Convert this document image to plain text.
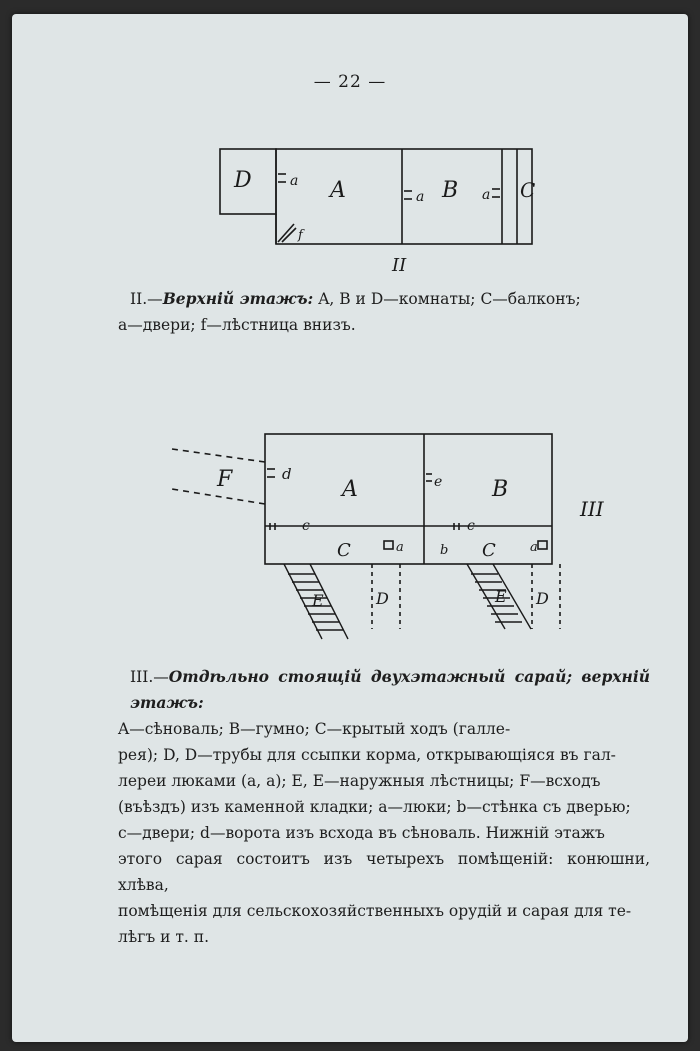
— 22 —
D	a A	a B a C
f
II

II.—Верхній этажъ: A, B и D—комнаты; C—балконъ;

a—двери; f—лѣстница внизъ.

F	d
A
c
B
e
c
C	a	b C	a
D	D
E	E
III

III.—Отдѣльно стоящій двухэтажный сарай; верхній этажъ:

A—сѣноваль; B—гумно; C—крытый ходъ (галле-

рея); D, D—трубы для ссыпки корма, открывающіяся въ гал-

лереи люками (a, a); E, E—наружныя лѣстницы; F—всходъ

(въѣздъ) изъ каменной кладки; a—люки; b—стѣнка съ дверью;

c—двери; d—ворота изъ всхода въ сѣноваль. Нижній этажъ

этого сарая состоитъ изъ четырехъ помѣщеній: конюшни, хлѣва,

помѣщенія для сельскохозяйственныхъ орудій и сарая для те-

лѣгъ и т. п.
